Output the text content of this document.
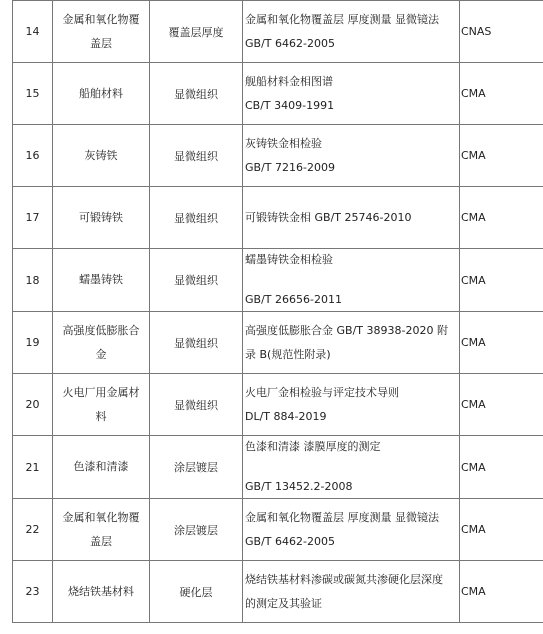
14	金属和氧化物覆
盖层	覆盖层厚度	金属和氧化物覆盖层 厚度测量 显微镜法
GB/T 6462-2005	CNAS
15	船舶材料	显微组织	舰船材料金相图谱
CB/T 3409-1991	CMA
16	灰铸铁	显微组织	灰铸铁金相检验
GB/T 7216-2009	CMA
17	可锻铸铁	显微组织	可锻铸铁金相 GB/T 25746-2010	CMA
18	蠕墨铸铁	显微组织	蠕墨铸铁金相检验
GB/T 26656-2011	CMA
19	高强度低膨胀合
金	显微组织	高强度低膨胀合金 GB/T 38938-2020 附
录 B(规范性附录)	CMA
20	火电厂用金属材
料	显微组织	火电厂金相检验与评定技术导则
DL/T 884-2019	CMA
21	色漆和清漆	涂层镀层	色漆和清漆 漆膜厚度的测定
GB/T 13452.2-2008	CMA
22	金属和氧化物覆
盖层	涂层镀层	金属和氧化物覆盖层 厚度测量 显微镜法
GB/T 6462-2005	CMA
23	烧结铁基材料	硬化层	烧结铁基材料渗碳或碳氮共渗硬化层深度
的测定及其验证	CMA
